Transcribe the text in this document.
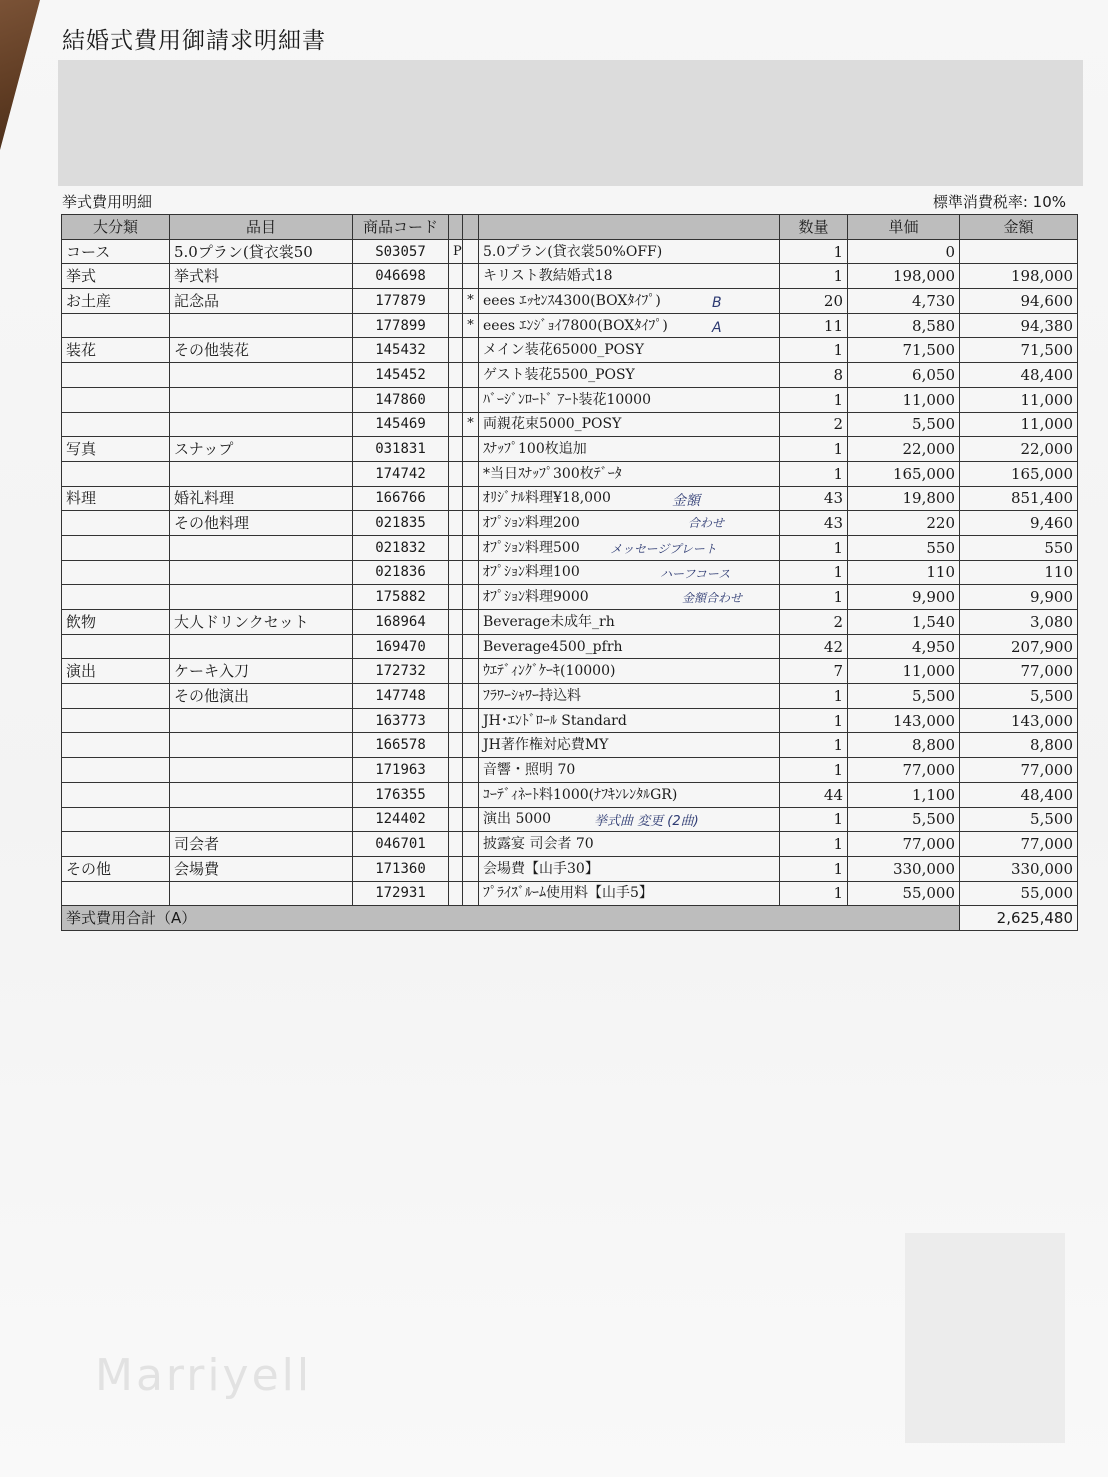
結婚式費用御請求明細書
挙式費用明細	標準消費税率: 10%
大分類	品目	商品コード				数量	単価	金額
コース	5.0プラン(貸衣裳50	S03057	P		5.0プラン(貸衣裳50%OFF)	1	0	
挙式	挙式料	046698			キリスト教結婚式18	1	198,000	198,000
お土産	記念品	177879		*	eees ｴｯｾﾝｽ4300(BOXﾀｲﾌﾟ)	20	4,730	94,600
		177899		*	eees ｴﾝｼﾞｮｲ7800(BOXﾀｲﾌﾟ)	11	8,580	94,380
装花	その他装花	145432			メイン装花65000_POSY	1	71,500	71,500
		145452			ゲスト装花5500_POSY	8	6,050	48,400
		147860			ﾊﾞｰｼﾞﾝﾛｰﾄﾞ ｱｰﾄ装花10000	1	11,000	11,000
		145469		*	両親花束5000_POSY	2	5,500	11,000
写真	スナップ	031831			ｽﾅｯﾌﾟ100枚追加	1	22,000	22,000
		174742			*当日ｽﾅｯﾌﾟ300枚ﾃﾞｰﾀ	1	165,000	165,000
料理	婚礼料理	166766			ｵﾘｼﾞﾅﾙ料理¥18,000	43	19,800	851,400
	その他料理	021835			ｵﾌﾟｼｮﾝ料理200	43	220	9,460
		021832			ｵﾌﾟｼｮﾝ料理500	1	550	550
		021836			ｵﾌﾟｼｮﾝ料理100	1	110	110
		175882			ｵﾌﾟｼｮﾝ料理9000	1	9,900	9,900
飲物	大人ドリンクセット	168964			Beverage未成年_rh	2	1,540	3,080
		169470			Beverage4500_pfrh	42	4,950	207,900
演出	ケーキ入刀	172732			ｳｴﾃﾞｨﾝｸﾞｹｰｷ(10000)	7	11,000	77,000
	その他演出	147748			ﾌﾗﾜｰｼｬﾜｰ持込料	1	5,500	5,500
		163773			JH･ｴﾝﾄﾞﾛｰﾙ Standard	1	143,000	143,000
		166578			JH著作権対応費MY	1	8,800	8,800
		171963			音響・照明 70	1	77,000	77,000
		176355			ｺｰﾃﾞｨﾈｰﾄ料1000(ﾅﾌｷﾝﾚﾝﾀﾙGR)	44	1,100	48,400
		124402			演出 5000	1	5,500	5,500
	司会者	046701			披露宴 司会者 70	1	77,000	77,000
その他	会場費	171360			会場費【山手30】	1	330,000	330,000
		172931			ﾌﾟﾗｲｽﾞﾙｰﾑ使用料【山手5】	1	55,000	55,000
挙式費用合計（A）								2,625,480
B
A
金額
合わせ
メッセージプレート
ハーフコース
金額合わせ
挙式曲 変更 (2曲)
Marriyell
